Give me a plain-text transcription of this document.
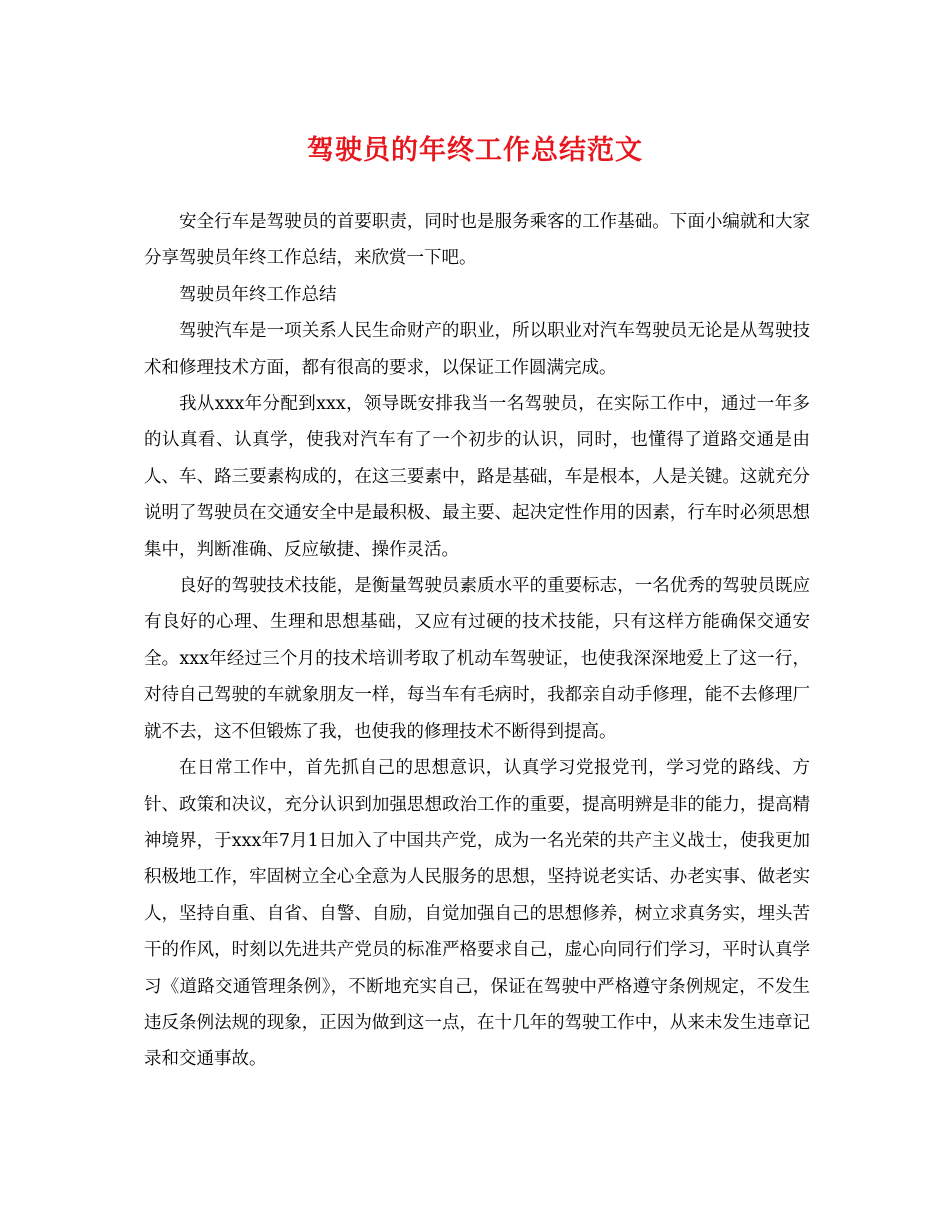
驾驶员的年终工作总结范文

安全行车是驾驶员的首要职责，同时也是服务乘客的工作基础。下面小编就和大家分享驾驶员年终工作总结，来欣赏一下吧。

驾驶员年终工作总结

驾驶汽车是一项关系人民生命财产的职业，所以职业对汽车驾驶员无论是从驾驶技术和修理技术方面，都有很高的要求，以保证工作圆满完成。

我从xxx年分配到xxx，领导既安排我当一名驾驶员，在实际工作中，通过一年多的认真看、认真学，使我对汽车有了一个初步的认识，同时，也懂得了道路交通是由人、车、路三要素构成的，在这三要素中，路是基础，车是根本，人是关键。这就充分说明了驾驶员在交通安全中是最积极、最主要、起决定性作用的因素，行车时必须思想集中，判断准确、反应敏捷、操作灵活。

良好的驾驶技术技能，是衡量驾驶员素质水平的重要标志，一名优秀的驾驶员既应有良好的心理、生理和思想基础，又应有过硬的技术技能，只有这样方能确保交通安全。xxx年经过三个月的技术培训考取了机动车驾驶证，也使我深深地爱上了这一行，对待自己驾驶的车就象朋友一样，每当车有毛病时，我都亲自动手修理，能不去修理厂就不去，这不但锻炼了我，也使我的修理技术不断得到提高。

在日常工作中，首先抓自己的思想意识，认真学习党报党刊，学习党的路线、方针、政策和决议，充分认识到加强思想政治工作的重要，提高明辨是非的能力，提高精神境界，于xxx年7月1日加入了中国共产党，成为一名光荣的共产主义战士，使我更加积极地工作，牢固树立全心全意为人民服务的思想，坚持说老实话、办老实事、做老实人，坚持自重、自省、自警、自励，自觉加强自己的思想修养，树立求真务实，埋头苦干的作风，时刻以先进共产党员的标准严格要求自己，虚心向同行们学习，平时认真学习《道路交通管理条例》，不断地充实自己，保证在驾驶中严格遵守条例规定，不发生违反条例法规的现象，正因为做到这一点，在十几年的驾驶工作中，从来未发生违章记录和交通事故。
